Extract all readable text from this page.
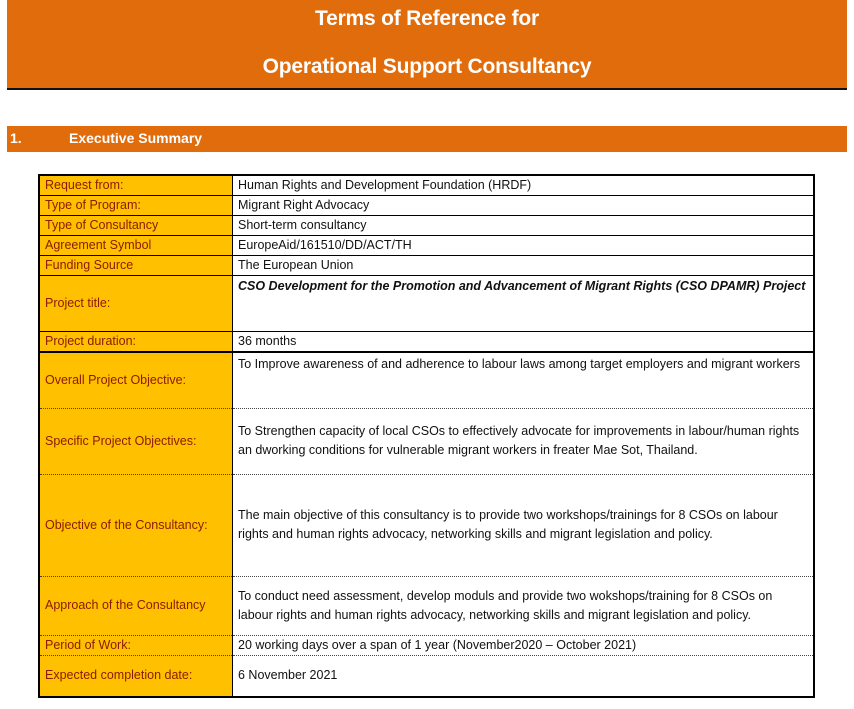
Terms of Reference for
Operational Support Consultancy
1.	Executive Summary
Request from:	Human Rights and Development Foundation (HRDF)
Type of Program:	Migrant Right Advocacy
Type of Consultancy	Short-term consultancy
Agreement Symbol	EuropeAid/161510/DD/ACT/TH
Funding Source	The European Union
Project title:	CSO Development for the Promotion and Advancement of Migrant Rights (CSO DPAMR) Project
Project duration:	36 months
Overall Project Objective:	To Improve awareness of and adherence to labour laws among target employers and migrant workers
Specific Project Objectives:	To Strengthen capacity of local CSOs to effectively advocate for improvements in labour/human rights an dworking conditions for vulnerable migrant workers in freater Mae Sot, Thailand.
Objective of the Consultancy:	The main objective of this consultancy is to provide two workshops/trainings for 8 CSOs on labour rights and human rights advocacy, networking skills and migrant legislation and policy.
Approach of the Consultancy	To conduct need assessment, develop moduls and provide two wokshops/training for 8 CSOs on labour rights and human rights advocacy, networking skills and migrant legislation and policy.
Period of Work:	20 working days over a span of 1 year (November2020 – October 2021)
Expected completion date:	6 November 2021
